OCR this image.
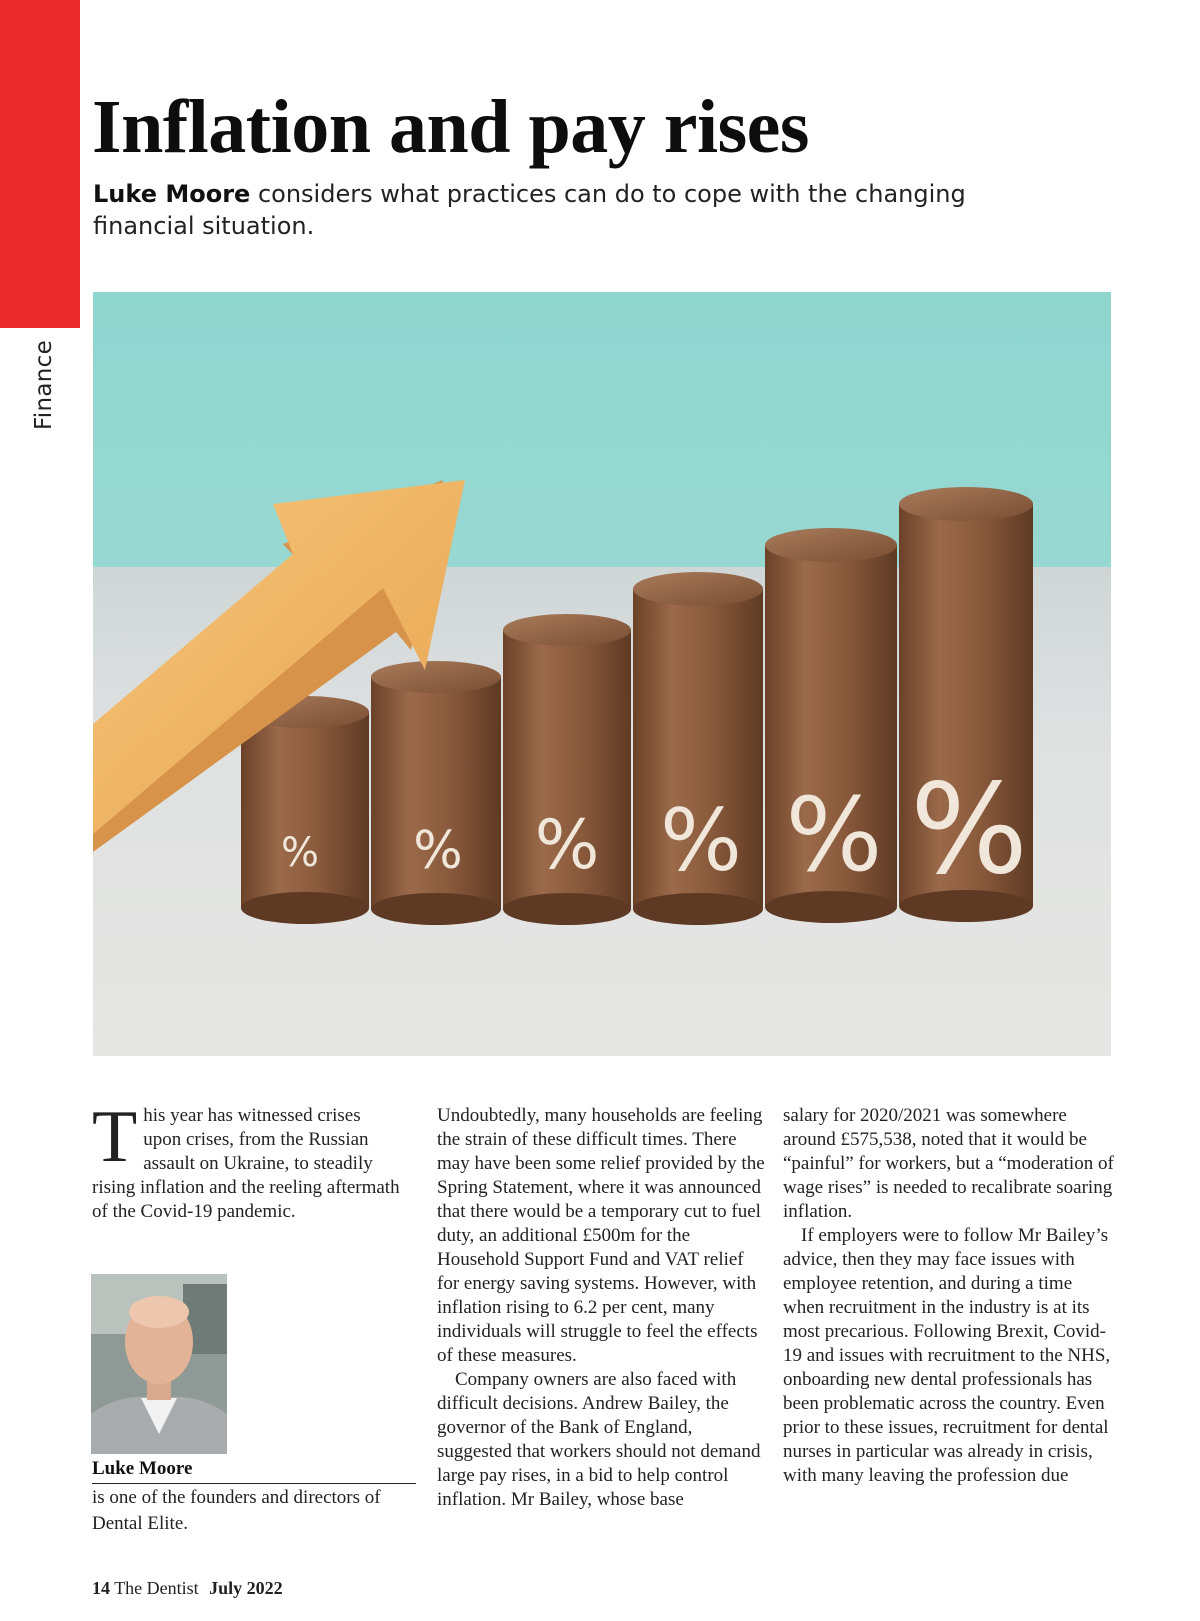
Finance
Inflation and pay rises
Luke Moore considers what practices can do to cope with the changing financial situation.
% % % % % %

This year has witnessed crises upon crises, from the Russian assault on Ukraine, to steadily rising inflation and the reeling aftermath of the Covid-19 pandemic.

Luke Moore
is one of the founders and directors of Dental Elite.

Undoubtedly, many households are feeling the strain of these difficult times. There may have been some relief provided by the Spring Statement, where it was announced that there would be a temporary cut to fuel duty, an additional £500m for the Household Support Fund and VAT relief for energy saving systems. However, with inflation rising to 6.2 per cent, many individuals will struggle to feel the effects of these measures.

Company owners are also faced with difficult decisions. Andrew Bailey, the governor of the Bank of England, suggested that workers should not demand large pay rises, in a bid to help control inflation. Mr Bailey, whose base

salary for 2020/2021 was somewhere around £575,538, noted that it would be “painful” for workers, but a “moderation of wage rises” is needed to recalibrate soaring inflation.

If employers were to follow Mr Bailey’s advice, then they may face issues with employee retention, and during a time when recruitment in the industry is at its most precarious. Following Brexit, Covid-19 and issues with recruitment to the NHS, onboarding new dental professionals has been problematic across the country. Even prior to these issues, recruitment for dental nurses in particular was already in crisis, with many leaving the profession due

14 The Dentist July 2022
